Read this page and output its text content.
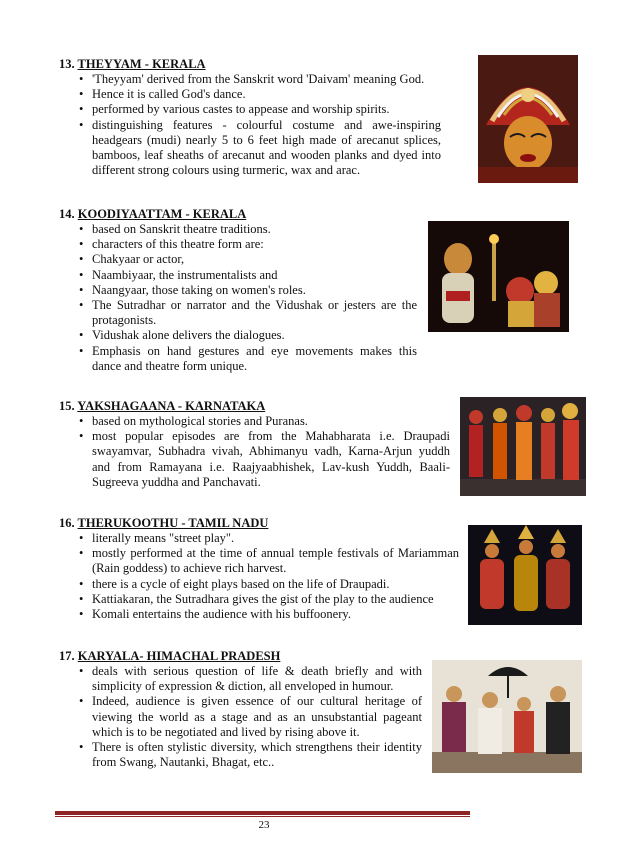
13. THEYYAM - KERALA

• 'Theyyam' derived from the Sanskrit word 'Daivam' meaning God.
• Hence it is called God's dance.
• performed by various castes to appease and worship spirits.
• distinguishing features - colourful costume and awe-inspiring headgears (mudi) nearly 5 to 6 feet high made of arecanut splices, bamboos, leaf sheaths of arecanut and wooden planks and dyed into different strong colours using turmeric, wax and arac.

14. KOODIYAATTAM - KERALA

• based on Sanskrit theatre traditions.
• characters of this theatre form are:
• Chakyaar or actor,
• Naambiyaar, the instrumentalists and
• Naangyaar, those taking on women's roles.
• The Sutradhar or narrator and the Vidushak or jesters are the protagonists.
• Vidushak alone delivers the dialogues.
• Emphasis on hand gestures and eye movements makes this dance and theatre form unique.

15. YAKSHAGAANA - KARNATAKA

• based on mythological stories and Puranas.
• most popular episodes are from the Mahabharata i.e. Draupadi swayamvar, Subhadra vivah, Abhimanyu vadh, Karna-Arjun yuddh and from Ramayana i.e. Raajyaabhishek, Lav-kush Yuddh, Baali-Sugreeva yuddha and Panchavati.

16. THERUKOOTHU - TAMIL NADU

• literally means "street play".
• mostly performed at the time of annual temple festivals of Mariamman (Rain goddess) to achieve rich harvest.
• there is a cycle of eight plays based on the life of Draupadi.
• Kattiakaran, the Sutradhara gives the gist of the play to the audience
• Komali entertains the audience with his buffoonery.

17. KARYALA- HIMACHAL PRADESH

• deals with serious question of life & death briefly and with simplicity of expression & diction, all enveloped in humour.
• Indeed, audience is given essence of our cultural heritage of viewing the world as a stage and as an unsubstantial pageant which is to be negotiated and lived by rising above it.
• There is often stylistic diversity, which strengthens their identity from Swang, Nautanki, Bhagat, etc..
23
